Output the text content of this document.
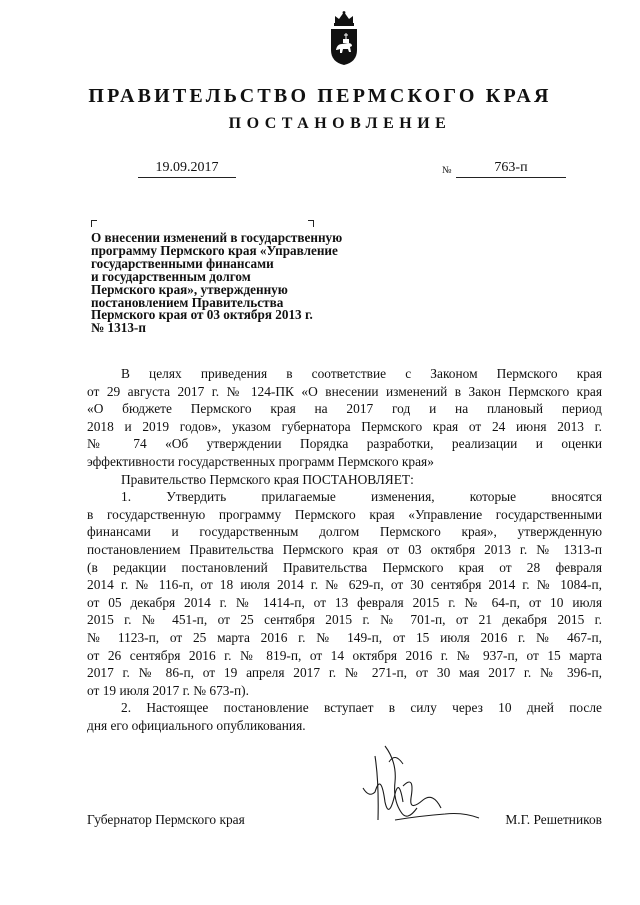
ПРАВИТЕЛЬСТВО ПЕРМСКОГО КРАЯ
ПОСТАНОВЛЕНИЕ
19.09.2017	№	763-п
О внесении изменений в государственную
программу Пермского края «Управление
государственными финансами
и государственным долгом
Пермского края», утвержденную
постановлением Правительства
Пермского края от 03 октября 2013 г.
№ 1313-п
В целях приведения в соответствие с Законом Пермского края
от 29 августа 2017 г. № 124-ПК «О внесении изменений в Закон Пермского края
«О бюджете Пермского края на 2017 год и на плановый период
2018 и 2019 годов», указом губернатора Пермского края от 24 июня 2013 г.
№ 74 «Об утверждении Порядка разработки, реализации и оценки
эффективности государственных программ Пермского края»
Правительство Пермского края ПОСТАНОВЛЯЕТ:
1. Утвердить прилагаемые изменения, которые вносятся
в государственную программу Пермского края «Управление государственными
финансами и государственным долгом Пермского края», утвержденную
постановлением Правительства Пермского края от 03 октября 2013 г. № 1313-п
(в редакции постановлений Правительства Пермского края от 28 февраля
2014 г. № 116-п, от 18 июля 2014 г. № 629-п, от 30 сентября 2014 г. № 1084-п,
от 05 декабря 2014 г. № 1414-п, от 13 февраля 2015 г. № 64-п, от 10 июля
2015 г. № 451-п, от 25 сентября 2015 г. № 701-п, от 21 декабря 2015 г.
№ 1123-п, от 25 марта 2016 г. № 149-п, от 15 июля 2016 г. № 467-п,
от 26 сентября 2016 г. № 819-п, от 14 октября 2016 г. № 937-п, от 15 марта
2017 г. № 86-п, от 19 апреля 2017 г. № 271-п, от 30 мая 2017 г. № 396-п,
от 19 июля 2017 г. № 673-п).
2. Настоящее постановление вступает в силу через 10 дней после
дня его официального опубликования.
Губернатор Пермского края	М.Г. Решетников
